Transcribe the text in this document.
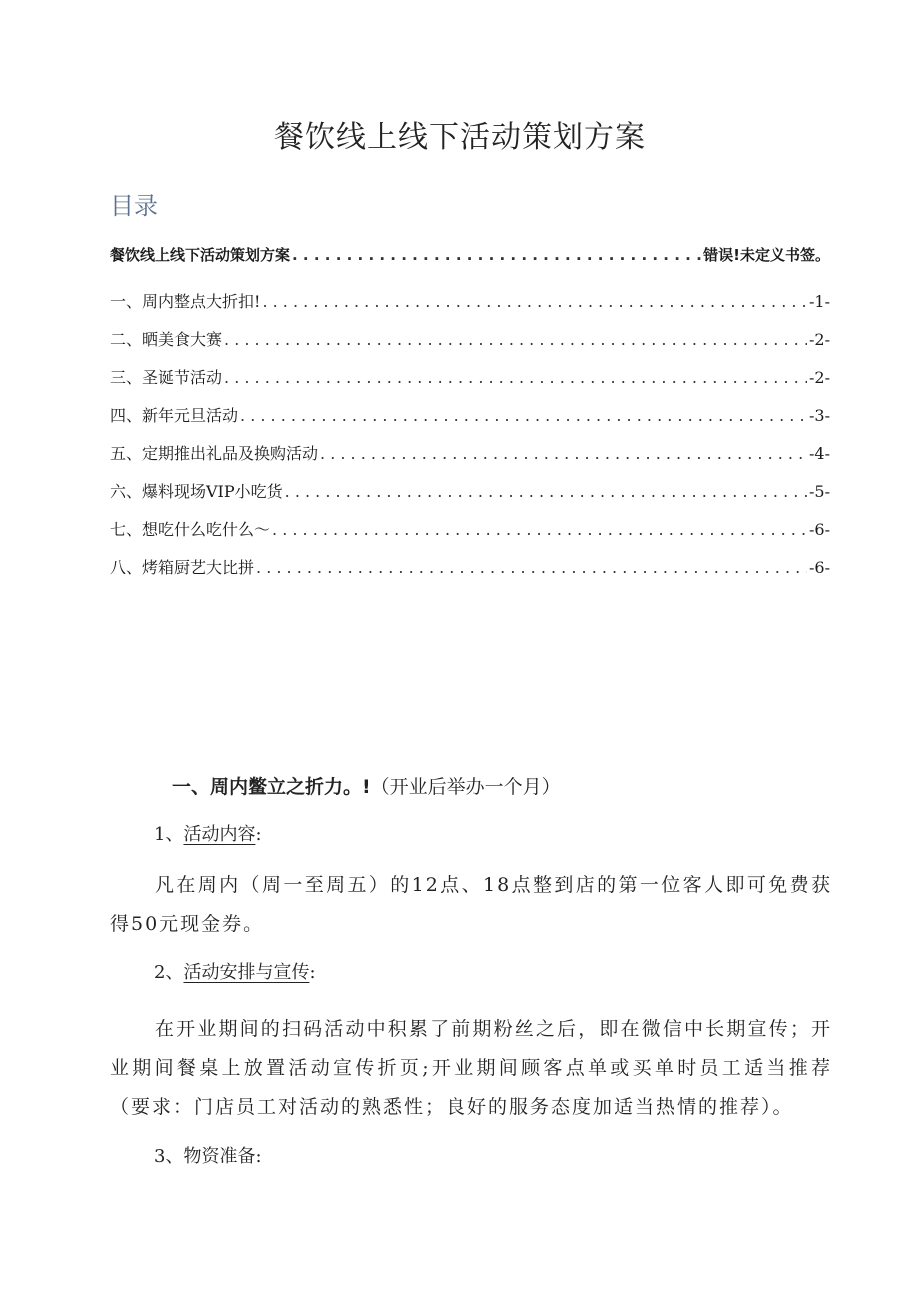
餐饮线上线下活动策划方案
目录
餐饮线上线下活动策划方案 . . .	错误!未定义书签。
一、周内整点大折扣! . . .	-1-
二、晒美食大赛 . . .	-2-
三、圣诞节活动 . . .	-2-
四、新年元旦活动 . . .	-3-
五、定期推出礼品及换购活动 . . .	-4-
六、爆料现场VIP小吃货 . . .	-5-
七、想吃什么吃什么～ . . .	-6-
八、烤箱厨艺大比拼 . . .	-6-
一、周内鳖立之折力。!（开业后举办一个月）
1、活动内容:
凡在周内（周一至周五）的12点、18点整到店的第一位客人即可免费获得50元现金券。
2、活动安排与宣传:
在开业期间的扫码活动中积累了前期粉丝之后，即在微信中长期宣传；开业期间餐桌上放置活动宣传折页;开业期间顾客点单或买单时员工适当推荐（要求：门店员工对活动的熟悉性；良好的服务态度加适当热情的推荐）。
3、物资准备:
